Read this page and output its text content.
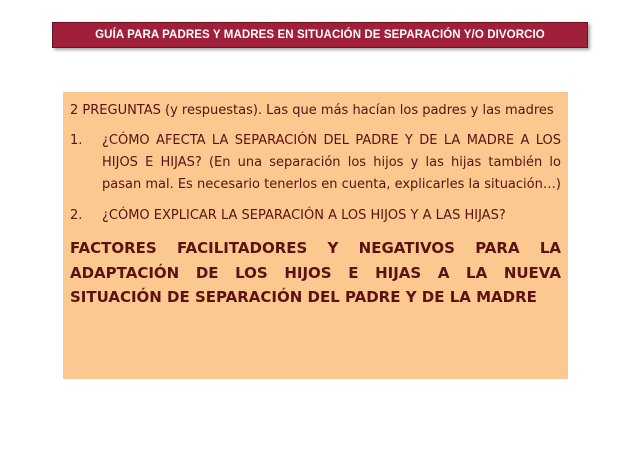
GUÍA PARA PADRES Y MADRES EN SITUACIÓN DE SEPARACIÓN Y/O DIVORCIO

2 PREGUNTAS (y respuestas). Las que más hacían los padres y las madres

1.	¿CÓMO AFECTA LA SEPARACIÓN DEL PADRE Y DE LA MADRE A LOS HIJOS E HIJAS? (En una separación los hijos y las hijas también lo pasan mal. Es necesario tenerlos en cuenta, explicarles la situación…)
2.	¿CÓMO EXPLICAR LA SEPARACIÓN A LOS HIJOS Y A LAS HIJAS?

FACTORES FACILITADORES Y NEGATIVOS PARA LA ADAPTACIÓN DE LOS HIJOS E HIJAS A LA NUEVA SITUACIÓN DE SEPARACIÓN DEL PADRE Y DE LA MADRE
